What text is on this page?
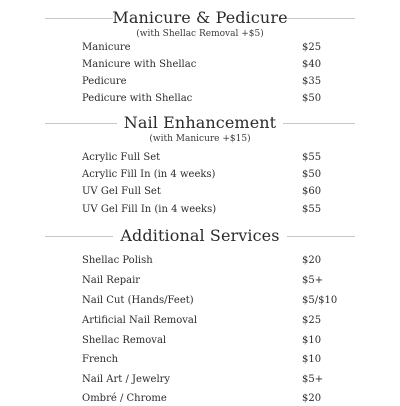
Manicure & Pedicure
(with Shellac Removal +$5)
Manicure	$25
Manicure with Shellac	$40
Pedicure	$35
Pedicure with Shellac	$50
Nail Enhancement
(with Manicure +$15)
Acrylic Full Set	$55
Acrylic Fill In (in 4 weeks)	$50
UV Gel Full Set	$60
UV Gel Fill In (in 4 weeks)	$55
Additional Services
Shellac Polish	$20
Nail Repair	$5+
Nail Cut (Hands/Feet)	$5/$10
Artificial Nail Removal	$25
Shellac Removal	$10
French	$10
Nail Art / Jewelry	$5+
Ombré / Chrome	$20
